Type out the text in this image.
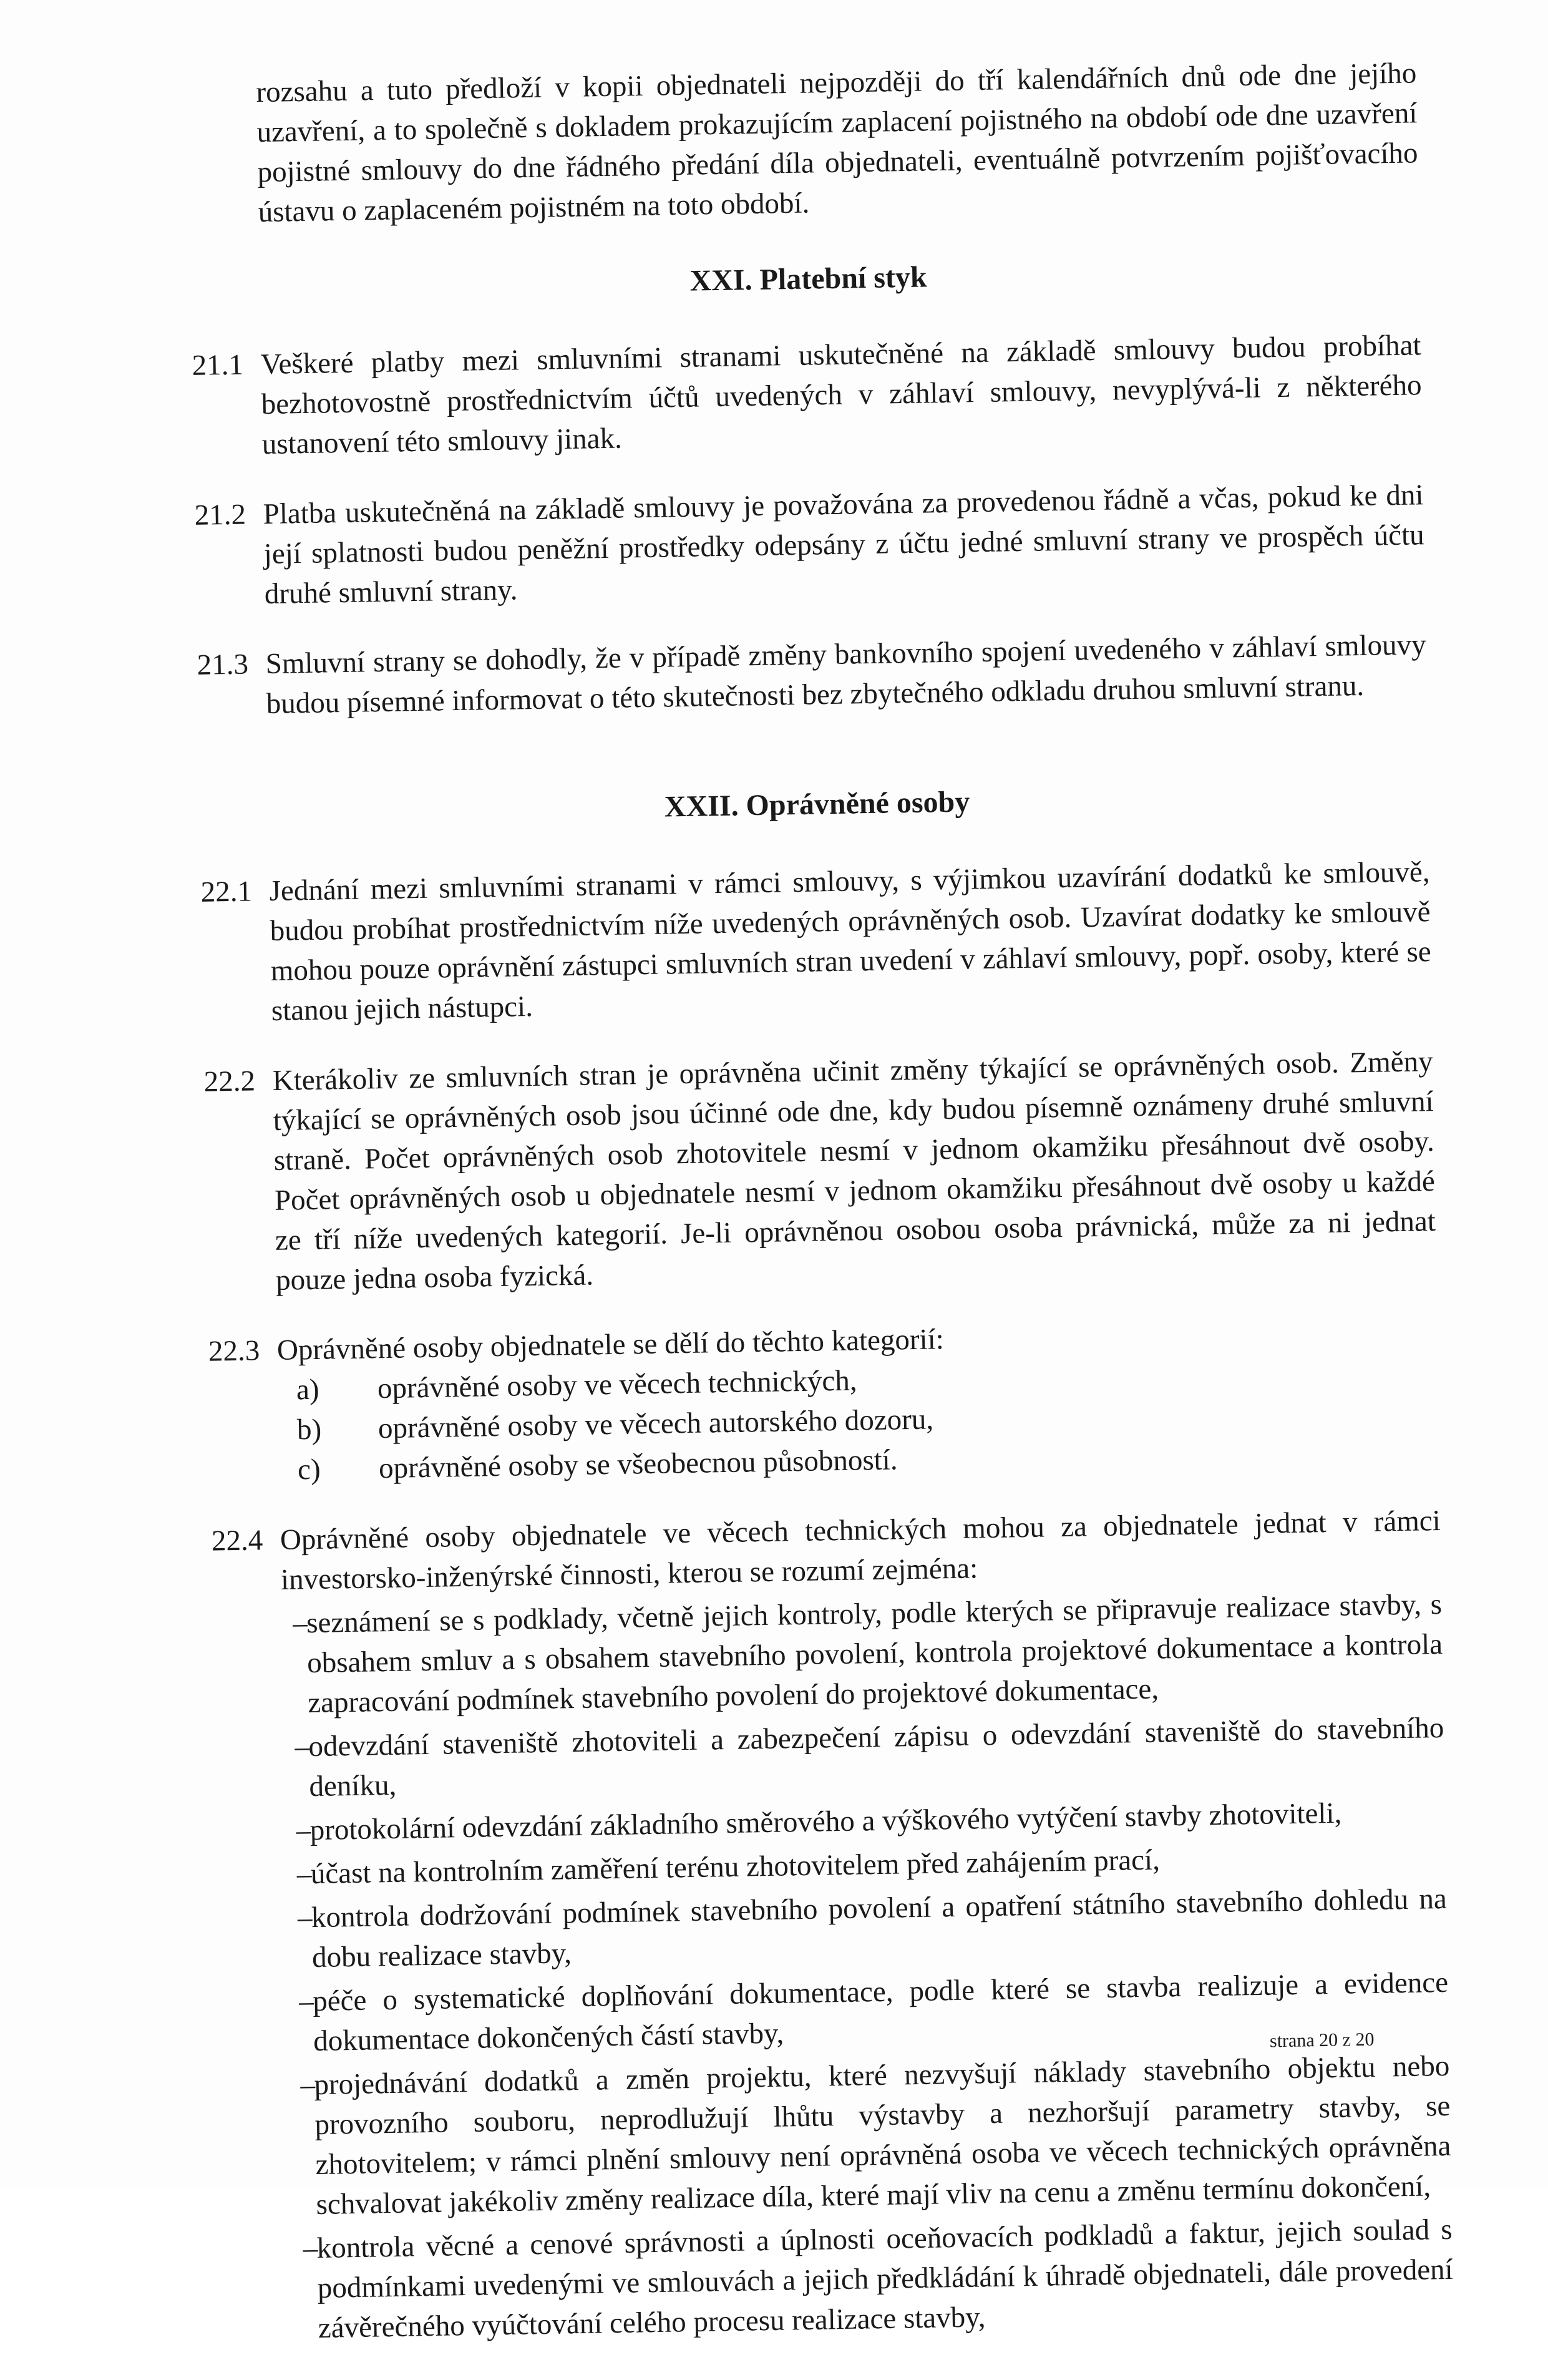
rozsahu a tuto předloží v kopii objednateli nejpozději do tří kalendářních dnů ode dne jejího uzavření, a to společně s dokladem prokazujícím zaplacení pojistného na období ode dne uzavření pojistné smlouvy do dne řádného předání díla objednateli, eventuálně potvrzením pojišťovacího ústavu o zaplaceném pojistném na toto období.

XXI. Platební styk
21.1 Veškeré platby mezi smluvními stranami uskutečněné na základě smlouvy budou probíhat bezhotovostně prostřednictvím účtů uvedených v záhlaví smlouvy, nevyplývá-li z některého ustanovení této smlouvy jinak.

21.2 Platba uskutečněná na základě smlouvy je považována za provedenou řádně a včas, pokud ke dni její splatnosti budou peněžní prostředky odepsány z účtu jedné smluvní strany ve prospěch účtu druhé smluvní strany.

21.3 Smluvní strany se dohodly, že v případě změny bankovního spojení uvedeného v záhlaví smlouvy budou písemné informovat o této skutečnosti bez zbytečného odkladu druhou smluvní stranu.

XXII. Oprávněné osoby
22.1 Jednání mezi smluvními stranami v rámci smlouvy, s výjimkou uzavírání dodatků ke smlouvě, budou probíhat prostřednictvím níže uvedených oprávněných osob. Uzavírat dodatky ke smlouvě mohou pouze oprávnění zástupci smluvních stran uvedení v záhlaví smlouvy, popř. osoby, které se stanou jejich nástupci.

22.2 Kterákoliv ze smluvních stran je oprávněna učinit změny týkající se oprávněných osob. Změny týkající se oprávněných osob jsou účinné ode dne, kdy budou písemně oznámeny druhé smluvní straně. Počet oprávněných osob zhotovitele nesmí v jednom okamžiku přesáhnout dvě osoby. Počet oprávněných osob u objednatele nesmí v jednom okamžiku přesáhnout dvě osoby u každé ze tří níže uvedených kategorií. Je-li oprávněnou osobou osoba právnická, může za ni jednat pouze jedna osoba fyzická.

22.3 Oprávněné osoby objednatele se dělí do těchto kategorií:

a)	oprávněné osoby ve věcech technických,
b)	oprávněné osoby ve věcech autorského dozoru,
c)	oprávněné osoby se všeobecnou působností.
22.4 Oprávněné osoby objednatele ve věcech technických mohou za objednatele jednat v rámci investorsko-inženýrské činnosti, kterou se rozumí zejména:

–
seznámení se s podklady, včetně jejich kontroly, podle kterých se připravuje realizace stavby, s obsahem smluv a s obsahem stavebního povolení, kontrola projektové dokumentace a kontrola zapracování podmínek stavebního povolení do projektové dokumentace,
–
odevzdání staveniště zhotoviteli a zabezpečení zápisu o odevzdání staveniště do stavebního deníku,
–
protokolární odevzdání základního směrového a výškového vytýčení stavby zhotoviteli,
–
účast na kontrolním zaměření terénu zhotovitelem před zahájením prací,
–
kontrola dodržování podmínek stavebního povolení a opatření státního stavebního dohledu na dobu realizace stavby,
–
péče o systematické doplňování dokumentace, podle které se stavba realizuje a evidence dokumentace dokončených částí stavby,
–
projednávání dodatků a změn projektu, které nezvyšují náklady stavebního objektu nebo provozního souboru, neprodlužují lhůtu výstavby a nezhoršují parametry stavby, se zhotovitelem; v rámci plnění smlouvy není oprávněná osoba ve věcech technických oprávněna schvalovat jakékoliv změny realizace díla, které mají vliv na cenu a změnu termínu dokončení,
–
kontrola věcné a cenové správnosti a úplnosti oceňovacích podkladů a faktur, jejich soulad s podmínkami uvedenými ve smlouvách a jejich předkládání k úhradě objednateli, dále provedení závěrečného vyúčtování celého procesu realizace stavby,
strana 20 z 20
